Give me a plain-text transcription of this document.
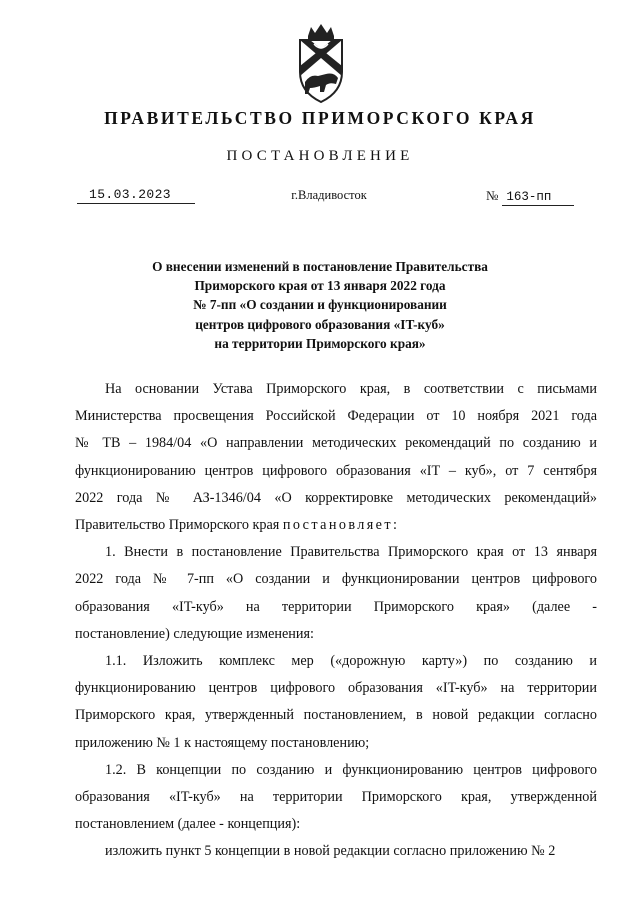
ПРАВИТЕЛЬСТВО ПРИМОРСКОГО КРАЯ
ПОСТАНОВЛЕНИЕ
15.03.2023	г.Владивосток	№ 163-пп
О внесении изменений в постановление Правительства
Приморского края от 13 января 2022 года
№ 7-пп «О создании и функционировании
центров цифрового образования «IT-куб»
на территории Приморского края»
На основании Устава Приморского края, в соответствии с письмами
Министерства просвещения Российской Федерации от 10 ноября 2021 года
№ ТВ – 1984/04 «О направлении методических рекомендаций по созданию и
функционированию центров цифрового образования «IT – куб», от 7 сентября
2022 года № АЗ-1346/04 «О корректировке методических рекомендаций»
Правительство Приморского края постановляет:
1. Внести в постановление Правительства Приморского края от 13 января
2022 года № 7-пп «О создании и функционировании центров цифрового
образования «IT-куб» на территории Приморского края» (далее -
постановление) следующие изменения:
1.1. Изложить комплекс мер («дорожную карту») по созданию и
функционированию центров цифрового образования «IT-куб» на территории
Приморского края, утвержденный постановлением, в новой редакции согласно
приложению № 1 к настоящему постановлению;
1.2. В концепции по созданию и функционированию центров цифрового
образования «IT-куб» на территории Приморского края, утвержденной
постановлением (далее - концепция):
изложить пункт 5 концепции в новой редакции согласно приложению № 2
